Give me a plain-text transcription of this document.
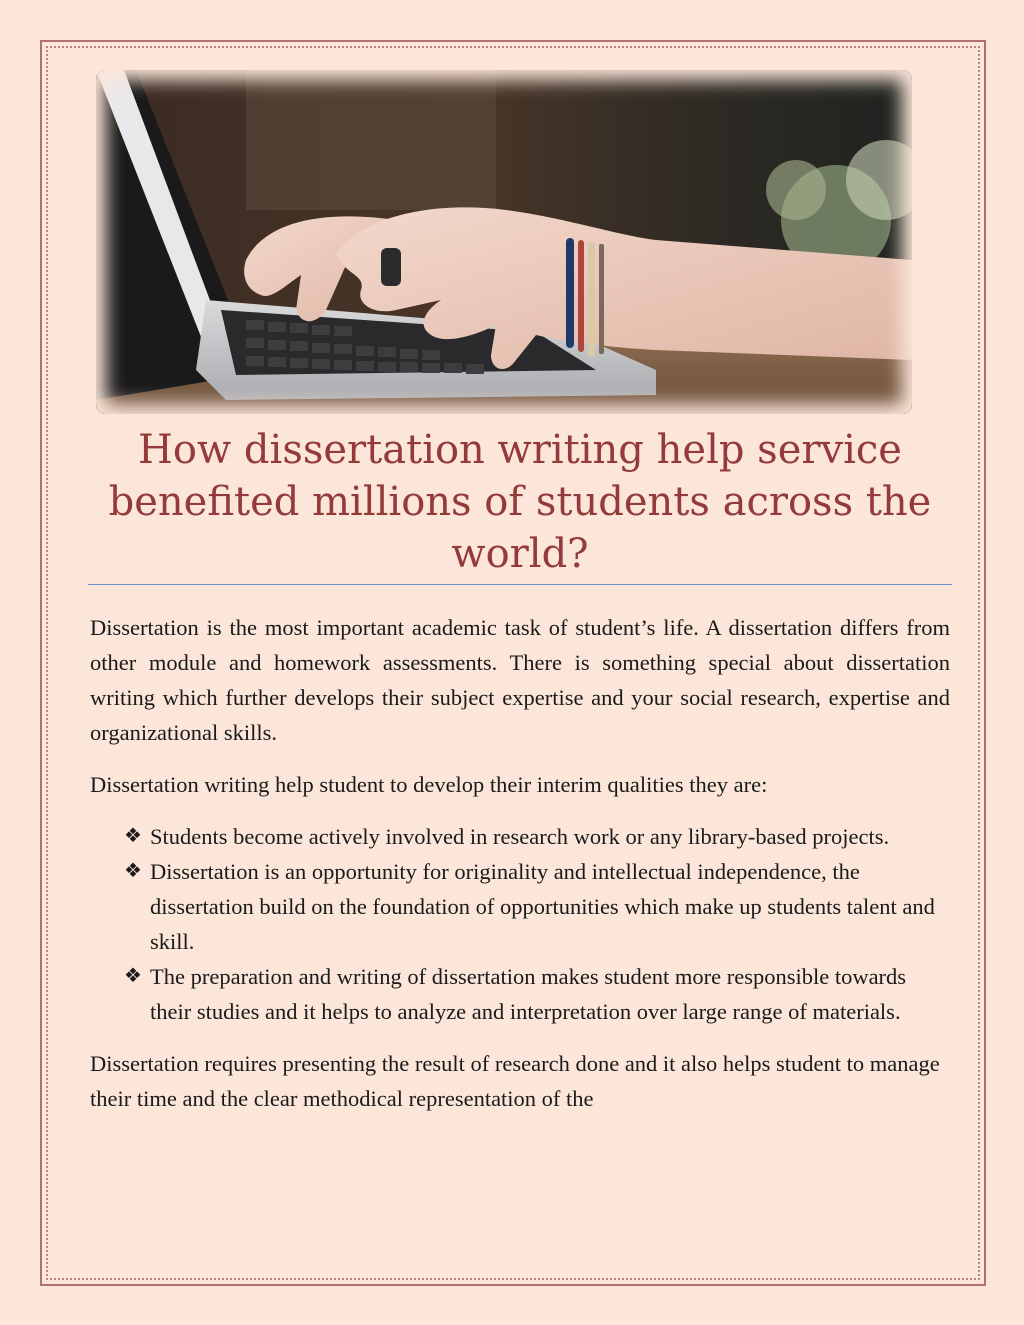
How dissertation writing help service benefited millions of students across the world?

Dissertation is the most important academic task of student’s life. A dissertation differs from other module and homework assessments. There is something special about dissertation writing which further develops their subject expertise and your social research, expertise and organizational skills.

Dissertation writing help student to develop their interim qualities they are:

❖ Students become actively involved in research work or any library-based projects.
❖ Dissertation is an opportunity for originality and intellectual independence, the dissertation build on the foundation of opportunities which make up students talent and skill.
❖ The preparation and writing of dissertation makes student more responsible towards their studies and it helps to analyze and interpretation over large range of materials.

Dissertation requires presenting the result of research done and it also helps student to manage their time and the clear methodical representation of the
